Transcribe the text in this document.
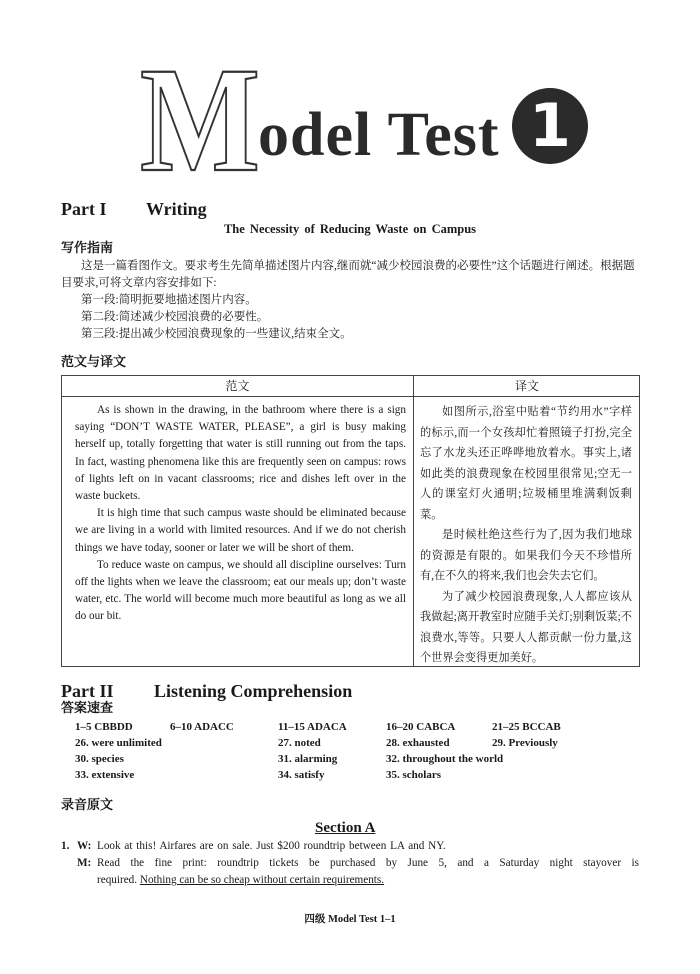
M
odel Test 1
Part I Writing
The Necessity of Reducing Waste on Campus
写作指南
这是一篇看图作文。要求考生先简单描述图片内容,继而就“减少校园浪费的必要性”这个话题进行阐述。根据题
目要求,可将文章内容安排如下:
第一段:简明扼要地描述图片内容。
第二段:简述减少校园浪费的必要性。
第三段:提出减少校园浪费现象的一些建议,结束全文。
范文与译文
范文	译文

As is shown in the drawing, in the bathroom where there is a sign saying “DON’T WASTE WATER, PLEASE”, a girl is busy making herself up, totally forgetting that water is still running out from the taps. In fact, wasting phenomena like this are frequently seen on campus: rows of lights left on in vacant classrooms; rice and dishes left over in the waste buckets.

It is high time that such campus waste should be eliminated because we are living in a world with limited resources. And if we do not cherish things we have today, sooner or later we will be short of them.

To reduce waste on campus, we should all discipline ourselves: Turn off the lights when we leave the classroom; eat our meals up; don’t waste water, etc. The world will become much more beautiful as long as we all do our bit.

如图所示,浴室中贴着“节约用水”字样的标示,而一个女孩却忙着照镜子打扮,完全忘了水龙头还正哗哗地放着水。事实上,诸如此类的浪费现象在校园里很常见;空无一人的课室灯火通明;垃圾桶里堆满剩饭剩菜。

是时候杜绝这些行为了,因为我们地球的资源是有限的。如果我们今天不珍惜所有,在不久的将来,我们也会失去它们。

为了减少校园浪费现象,人人都应该从我做起;离开教室时应随手关灯;别剩饭菜;不浪费水,等等。只要人人都贡献一份力量,这个世界会变得更加美好。

Part II Listening Comprehension
答案速查
1–5 CBBDD	6–10 ADACC	11–15 ADACA	16–20 CABCA	21–25 BCCAB
26. were unlimited	27. noted	28. exhausted	29. Previously
30. species	31. alarming	32. throughout the world
33. extensive	34. satisfy	35. scholars
录音原文
Section A
1. W: Look at this! Airfares are on sale. Just $200 roundtrip between LA and NY.
M: Read the fine print: roundtrip tickets be purchased by June 5, and a Saturday night stayover is
required. Nothing can be so cheap without certain requirements.
四级 Model Test 1–1
